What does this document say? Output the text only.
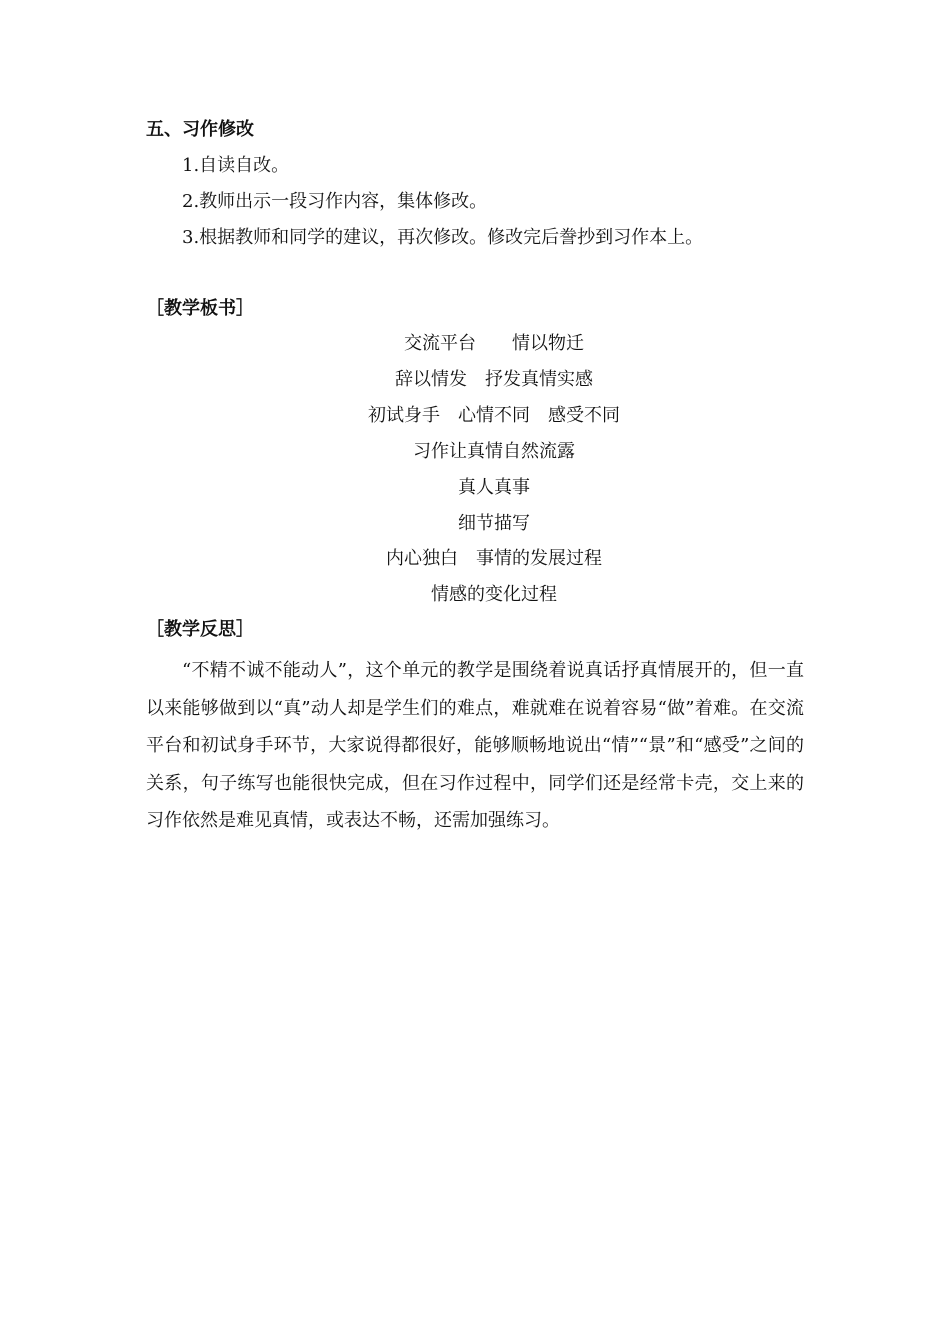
五、习作修改
1.自读自改。
2.教师出示一段习作内容，集体修改。
3.根据教师和同学的建议，再次修改。修改完后誊抄到习作本上。
［教学板书］
交流平台　　情以物迁
辞以情发　抒发真情实感
初试身手　心情不同　感受不同
习作让真情自然流露
真人真事
细节描写
内心独白　事情的发展过程
情感的变化过程
［教学反思］

“不精不诚不能动人”，这个单元的教学是围绕着说真话抒真情展开的，但一直以来能够做到以“真”动人却是学生们的难点，难就难在说着容易“做”着难。在交流平台和初试身手环节，大家说得都很好，能够顺畅地说出“情”“景”和“感受”之间的关系，句子练写也能很快完成，但在习作过程中，同学们还是经常卡壳，交上来的习作依然是难见真情，或表达不畅，还需加强练习。
